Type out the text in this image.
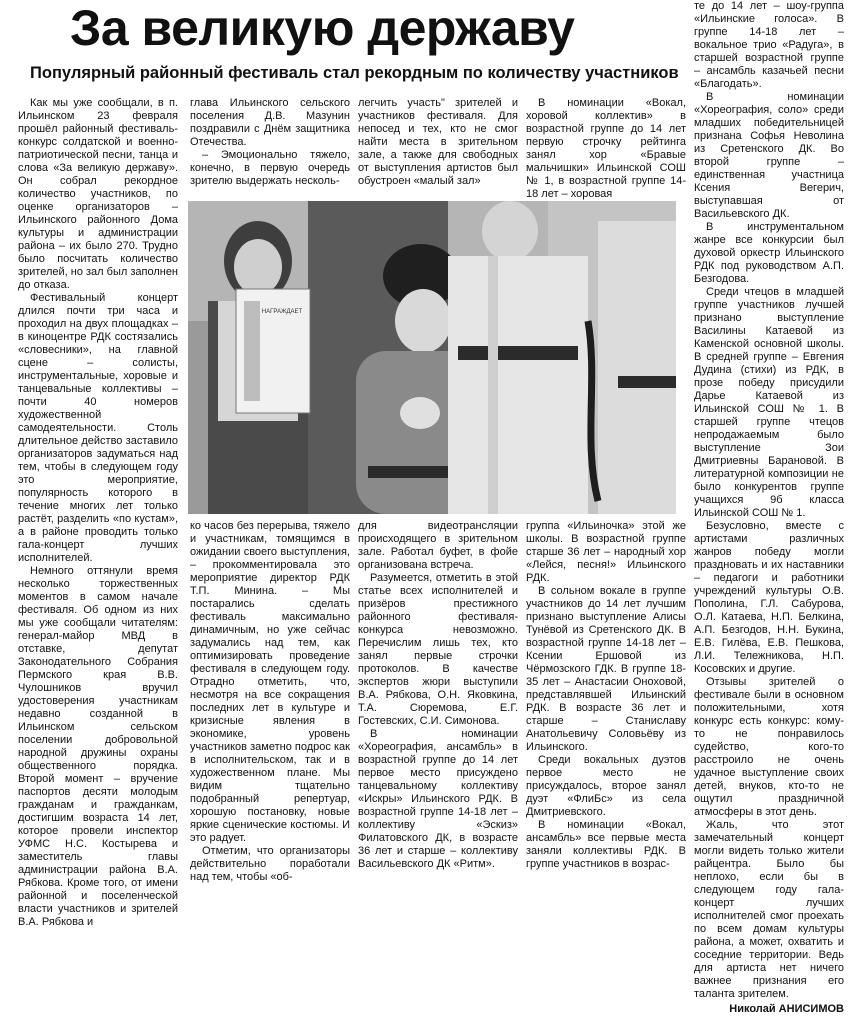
За великую державу
Популярный районный фестиваль стал рекордным по количеству участников

Как мы уже сообщали, в п. Ильинском 23 февраля прошёл районный фестиваль-конкурс солдатской и военно-патриотической песни, танца и слова «За великую державу». Он собрал рекордное количество участников, по оценке организаторов – Ильинского районного Дома культуры и администрации района – их было 270. Трудно было посчитать количество зрителей, но зал был заполнен до отказа.

Фестивальный концерт длился почти три часа и проходил на двух площадках – в киноцентре РДК состязались «словесники», на главной сцене – солисты, инструментальные, хоровые и танцевальные коллективы – почти 40 номеров художественной самодеятельности. Столь длительное действо заставило организаторов задуматься над тем, чтобы в следующем году это мероприятие, популярность которого в течение многих лет только растёт, разделить «по кустам», а в районе проводить только гала-концерт лучших исполнителей.

Немного оттянули время несколько торжественных моментов в самом начале фестиваля. Об одном из них мы уже сообщали читателям: генерал-майор МВД в отставке, депутат Законодательного Собрания Пермского края В.В. Чулошников вручил удостоверения участникам недавно созданной в Ильинском сельском поселении добровольной народной дружины охраны общественного порядка. Второй момент – вручение паспортов десяти молодым гражданам и гражданкам, достигшим возраста 14 лет, которое провели инспектор УФМС Н.С. Костырева и заместитель главы администрации района В.А. Рябкова. Кроме того, от имени районной и поселенческой власти участников и зрителей В.А. Рябкова и

глава Ильинского сельского поселения Д.В. Мазунин поздравили с Днём защитника Отечества.

– Эмоционально тяжело, конечно, в первую очередь зрителю выдержать несколь-

легчить участь" зрителей и участников фестиваля. Для непосед и тех, кто не смог найти места в зрительном зале, а также для свободных от выступления артистов был обустроен «малый зал»

В номинации «Вокал, хоровой коллектив» в возрастной группе до 14 лет первую строчку рейтинга занял хор «Бравые мальчишки» Ильинской СОШ № 1, в возрастной группе 14-18 лет – хоровая

НАГРАЖДАЕТ

ко часов без перерыва, тяжело и участникам, томящимся в ожидании своего выступления, – прокомментировала это мероприятие директор РДК Т.П. Минина. – Мы постарались сделать фестиваль максимально динамичным, но уже сейчас задумались над тем, как оптимизировать проведение фестиваля в следующем году. Отрадно отметить, что, несмотря на все сокращения последних лет в культуре и кризисные явления в экономике, уровень участников заметно подрос как в исполнительском, так и в художественном плане. Мы видим тщательно подобранный репертуар, хорошую постановку, новые яркие сценические костюмы. И это радует.

Отметим, что организаторы действительно поработали над тем, чтобы «об-

для видеотрансляции происходящего в зрительном зале. Работал буфет, в фойе организована встреча.

Разумеется, отметить в этой статье всех исполнителей и призёров престижного районного фестиваля-конкурса невозможно. Перечислим лишь тех, кто занял первые строчки протоколов. В качестве экспертов жюри выступили В.А. Рябкова, О.Н. Яковкина, Т.А. Сюремова, Е.Г. Гостевских, С.И. Симонова.

В номинации «Хореография, ансамбль» в возрастной группе до 14 лет первое место присуждено танцевальному коллективу «Искры» Ильинского РДК. В возрастной группе 14-18 лет – коллективу «Эскиз» Филатовского ДК, в возрасте 36 лет и старше – коллективу Васильевского ДК «Ритм».

группа «Ильиночка» этой же школы. В возрастной группе старше 36 лет – народный хор «Лейся, песня!» Ильинского РДК.

В сольном вокале в группе участников до 14 лет лучшим признано выступление Алисы Тунёвой из Сретенского ДК. В возрастной группе 14-18 лет – Ксении Ершовой из Чёрмозского ГДК. В группе 18-35 лет – Анастасии Оноховой, представлявшей Ильинский РДК. В возрасте 36 лет и старше – Станиславу Анатольевичу Соловьёву из Ильинского.

Среди вокальных дуэтов первое место не присуждалось, второе занял дуэт «ФлиБс» из села Дмитриевского.

В номинации «Вокал, ансамбль» все первые места заняли коллективы РДК. В группе участников в возрас-

те до 14 лет – шоу-группа «Ильинские голоса». В группе 14-18 лет – вокальное трио «Радуга», в старшей возрастной группе – ансамбль казачьей песни «Благодать».

В номинации «Хореография, соло» среди младших победительницей признана Софья Неволина из Сретенского ДК. Во второй группе – единственная участница Ксения Вегерич, выступавшая от Васильевского ДК.

В инструментальном жанре все конкурсии был духовой оркестр Ильинского РДК под руководством А.П. Безгодова.

Среди чтецов в младшей группе участников лучшей признано выступление Василины Катаевой из Каменской основной школы. В средней группе – Евгения Дудина (стихи) из РДК, в прозе победу присудили Дарье Катаевой из Ильинской СОШ № 1. В старшей группе чтецов непродажаемым было выступление Зои Дмитриевны Барановой. В литературной композиции не было конкурентов группе учащихся 9б класса Ильинской СОШ № 1.

Безусловно, вместе с артистами различных жанров победу могли праздновать и их наставники – педагоги и работники учреждений культуры О.В. Пополина, Г.Л. Сабурова, О.Л. Катаева, Н.П. Белкина, А.П. Безгодов, Н.Н. Букина, Е.В. Гилёва, Е.В. Пешкова, Л.И. Тележникова, Н.П. Косовских и другие.

Отзывы зрителей о фестивале были в основном положительными, хотя конкурс есть конкурс: кому-то не понравилось судейство, кого-то расстроило не очень удачное выступление своих детей, внуков, кто-то не ощутил праздничной атмосферы в этот день.

Жаль, что этот замечательный концерт могли видеть только жители райцентра. Было бы неплохо, если бы в следующем году гала-концерт лучших исполнителей смог проехать по всем домам культуры района, а может, охватить и соседние территории. Ведь для артиста нет ничего важнее признания его таланта зрителем.

Николай АНИСИМОВ
